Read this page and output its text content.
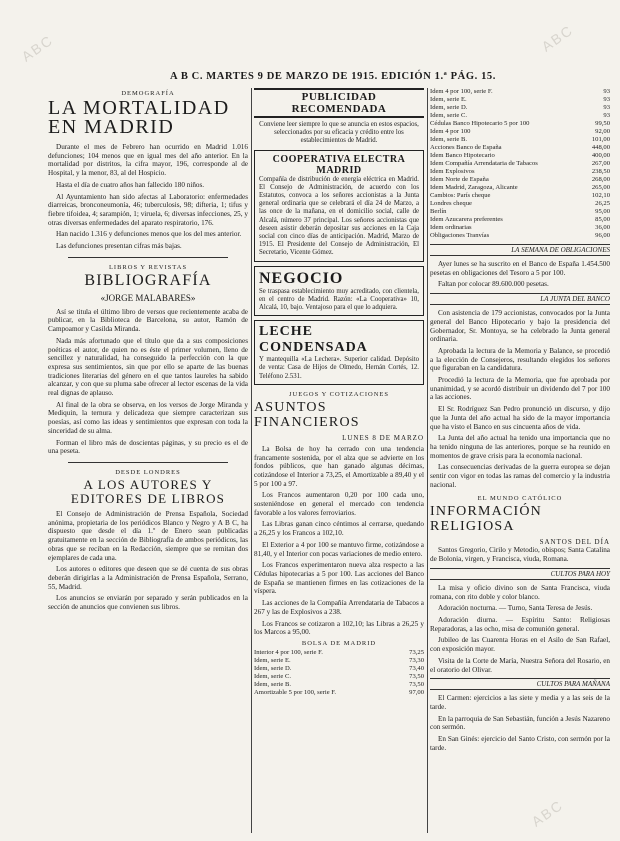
ABC	ABC
ABC
A B C. MARTES 9 DE MARZO DE 1915. EDICIÓN 1.ª PÁG. 15.
DEMOGRAFÍA
LA MORTALIDAD EN MADRID
Durante el mes de Febrero han ocurrido en Madrid 1.016 defunciones; 104 menos que en igual mes del año anterior. En la mortalidad por distritos, la cifra mayor, 196, corresponde al de Hospital, y la menor, 83, al del Hospicio.
Hasta el día de cuatro años han fallecido 180 niños.
Al Ayuntamiento han sido afectas al Laboratorio: enfermedades diarreicas, bronconeumonía, 46; tuberculosis, 98; difteria, 1; tifus y fiebre tifoidea, 4; sarampión, 1; viruela, 6; diversas infecciones, 25, y otras diversas enfermedades del aparato respiratorio, 176.
Han nacido 1.316 y defunciones menos que los del mes anterior.
Las defunciones presentan cifras más bajas.
LIBROS Y REVISTAS
BIBLIOGRAFÍA
«JORGE MALABARES»
Así se titula el último libro de versos que recientemente acaba de publicar, en la Biblioteca de Barcelona, su autor, Ramón de Campoamor y Casilda Miranda.
Nada más afortunado que el título que da a sus composiciones poéticas el autor, de quien no es éste el primer volumen, lleno de sencillez y naturalidad, ha conseguido la perfección con la que expresa sus sentimientos, sin que por ello se aparte de las buenas tradiciones literarias del género en el que tantos laureles ha sabido alcanzar, y con que su pluma sabe ofrecer al lector escenas de la vida real dignas de aplauso.
Al final de la obra se observa, en los versos de Jorge Miranda y Mediquin, la ternura y delicadeza que siempre caracterizan sus poesías, así como las ideas y sentimientos que expresan con toda la sinceridad de su alma.
Forman el libro más de doscientas páginas, y su precio es el de una peseta.
DESDE LONDRES
A LOS AUTORES Y EDITORES DE LIBROS
El Consejo de Administración de Prensa Española, Sociedad anónima, propietaria de los periódicos Blanco y Negro y A B C, ha dispuesto que desde el día 1.º de Enero sean publicadas gratuitamente en la sección de Bibliografía de ambos periódicos, las obras que se reciban en la Redacción, siempre que se remitan dos ejemplares de cada una.
Los autores o editores que deseen que se dé cuenta de sus obras deberán dirigirlas a la Administración de Prensa Española, Serrano, 55, Madrid.
Los anuncios se enviarán por separado y serán publicados en la sección de anuncios que convienen sus libros.
PUBLICIDAD RECOMENDADA
Conviene leer siempre lo que se anuncia en estos espacios, seleccionados por su eficacia y crédito entre los establecimientos de Madrid.
COOPERATIVA ELECTRA MADRID
Compañía de distribución de energía eléctrica en Madrid. El Consejo de Administración, de acuerdo con los Estatutos, convoca a los señores accionistas a la Junta general ordinaria que se celebrará el día 24 de Marzo, a las once de la mañana, en el domicilio social, calle de Alcalá, número 37 principal. Los señores accionistas que deseen asistir deberán depositar sus acciones en la Caja social con cinco días de anticipación. Madrid, Marzo de 1915. El Presidente del Consejo de Administración, El Secretario, Vicente Gómez.
NEGOCIO
Se traspasa establecimiento muy acreditado, con clientela, en el centro de Madrid. Razón: «La Cooperativa» 10, Alcalá, 10, bajo. Ventajoso para el que lo adquiera.
LECHE CONDENSADA
Y mantequilla «La Lechera». Superior calidad. Depósito de venta: Casa de Hijos de Olmedo, Hernán Cortés, 12. Teléfono 2.531.
JUEGOS Y COTIZACIONES
ASUNTOS FINANCIEROS
LUNES 8 DE MARZO
La Bolsa de hoy ha cerrado con una tendencia francamente sostenida, por el alza que se advierte en los fondos públicos, que han ganado algunas décimas, cotizándose el Interior a 73,25, el Amortizable a 89,40 y el 5 por 100 a 97.
Los Francos aumentaron 0,20 por 100 cada uno, sosteniéndose en general el mercado con tendencia favorable a los valores ferroviarios.
Las Libras ganan cinco céntimos al cerrarse, quedando a 26,25 y los Francos a 102,10.
El Exterior a 4 por 100 se mantuvo firme, cotizándose a 81,40, y el Interior con pocas variaciones de medio entero.
Los Francos experimentaron nueva alza respecto a las Cédulas hipotecarias a 5 por 100. Las acciones del Banco de España se mantienen firmes en las cotizaciones de la víspera.
Las acciones de la Compañía Arrendataria de Tabacos a 267 y las de Explosivos a 238.
Los Francos se cotizaron a 102,10; las Libras a 26,25 y los Marcos a 95,00.
BOLSA DE MADRID
Interior 4 por 100, serie F.	73,25
Idem, serie E.	73,30
Idem, serie D.	73,40
Idem, serie C.	73,50
Idem, serie B.	73,50
Amortizable 5 por 100, serie F.	97,00
Idem 4 por 100, serie F.	93
Idem, serie E.	93
Idem, serie D.	93
Idem, serie C.	93
Cédulas Banco Hipotecario 5 por 100	99,50
Idem 4 por 100	92,00
Idem, serie B.	101,00
Acciones Banco de España	448,00
Idem Banco Hipotecario	400,00
Idem Compañía Arrendataria de Tabacos	267,00
Idem Explosivos	238,50
Idem Norte de España	268,00
Idem Madrid, Zaragoza, Alicante	265,00
Cambios: París cheque	102,10
Londres cheque	26,25
Berlín	95,00
Idem Azucarera preferentes	85,00
Idem ordinarias	36,00
Obligaciones Tranvías	96,00
LA SEMANA DE OBLIGACIONES
Ayer lunes se ha suscrito en el Banco de España 1.454.500 pesetas en obligaciones del Tesoro a 5 por 100.
Faltan por colocar 89.600.000 pesetas.
LA JUNTA DEL BANCO
Con asistencia de 179 accionistas, convocados por la Junta general del Banco Hipotecario y bajo la presidencia del Gobernador, Sr. Montoya, se ha celebrado la Junta general ordinaria.
Aprobada la lectura de la Memoria y Balance, se procedió a la elección de Consejeros, resultando elegidos los señores que figuraban en la candidatura.
Procedió la lectura de la Memoria, que fue aprobada por unanimidad, y se acordó distribuir un dividendo del 7 por 100 a las acciones.
El Sr. Rodríguez San Pedro pronunció un discurso, y dijo que la Junta del año actual ha sido de la mayor importancia que ha visto el Banco en sus cincuenta años de vida.
La Junta del año actual ha tenido una importancia que no ha tenido ninguna de las anteriores, porque se ha reunido en momentos de grave crisis para la economía nacional.
Las consecuencias derivadas de la guerra europea se dejan sentir con vigor en todas las ramas del comercio y la industria nacional.
EL MUNDO CATÓLICO
INFORMACIÓN RELIGIOSA
SANTOS DEL DÍA
Santos Gregorio, Cirilo y Metodio, obispos; Santa Catalina de Bolonia, virgen, y Francisca, viuda, Romana.
CULTOS PARA HOY
La misa y oficio divino son de Santa Francisca, viuda romana, con rito doble y color blanco.
Adoración nocturna. — Turno, Santa Teresa de Jesús.
Adoración diurna. — Espíritu Santo: Religiosas Reparadoras, a las ocho, misa de comunión general.
Jubileo de las Cuarenta Horas en el Asilo de San Rafael, con exposición mayor.
Visita de la Corte de María, Nuestra Señora del Rosario, en el oratorio del Olivar.
CULTOS PARA MAÑANA
El Carmen: ejercicios a las siete y media y a las seis de la tarde.
En la parroquia de San Sebastián, función a Jesús Nazareno con sermón.
En San Ginés: ejercicio del Santo Cristo, con sermón por la tarde.
